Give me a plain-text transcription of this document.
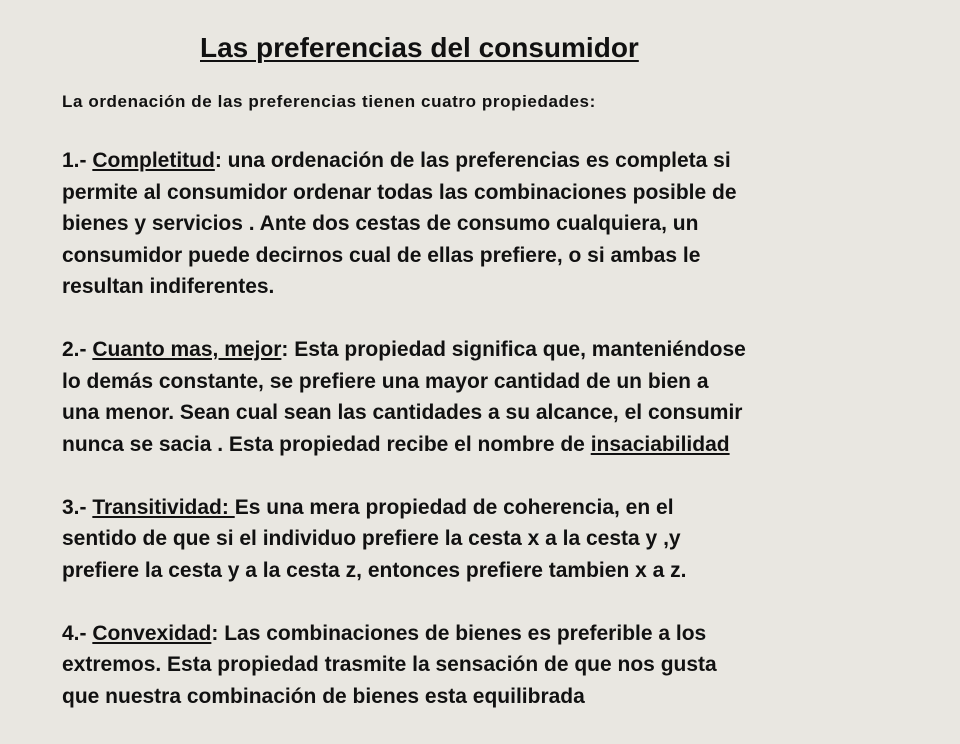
Las preferencias del consumidor
La ordenación de las preferencias tienen cuatro propiedades:
1.- Completitud: una ordenación de las preferencias es completa si
permite al consumidor ordenar todas las combinaciones posible de
bienes y servicios . Ante dos cestas de consumo cualquiera, un
consumidor puede decirnos cual de ellas prefiere, o si ambas le
resultan indiferentes.
2.- Cuanto mas, mejor: Esta propiedad significa que, manteniéndose
lo demás constante, se prefiere una mayor cantidad de un bien a
una menor. Sean cual sean las cantidades a su alcance, el consumir
nunca se sacia . Esta propiedad recibe el nombre de insaciabilidad
3.- Transitividad: Es una mera propiedad de coherencia, en el
sentido de que si el individuo prefiere la cesta x a la cesta y ,y
prefiere la cesta y a la cesta z, entonces prefiere tambien x a z.
4.- Convexidad: Las combinaciones de bienes es preferible a los
extremos. Esta propiedad trasmite la sensación de que nos gusta
que nuestra combinación de bienes esta equilibrada
